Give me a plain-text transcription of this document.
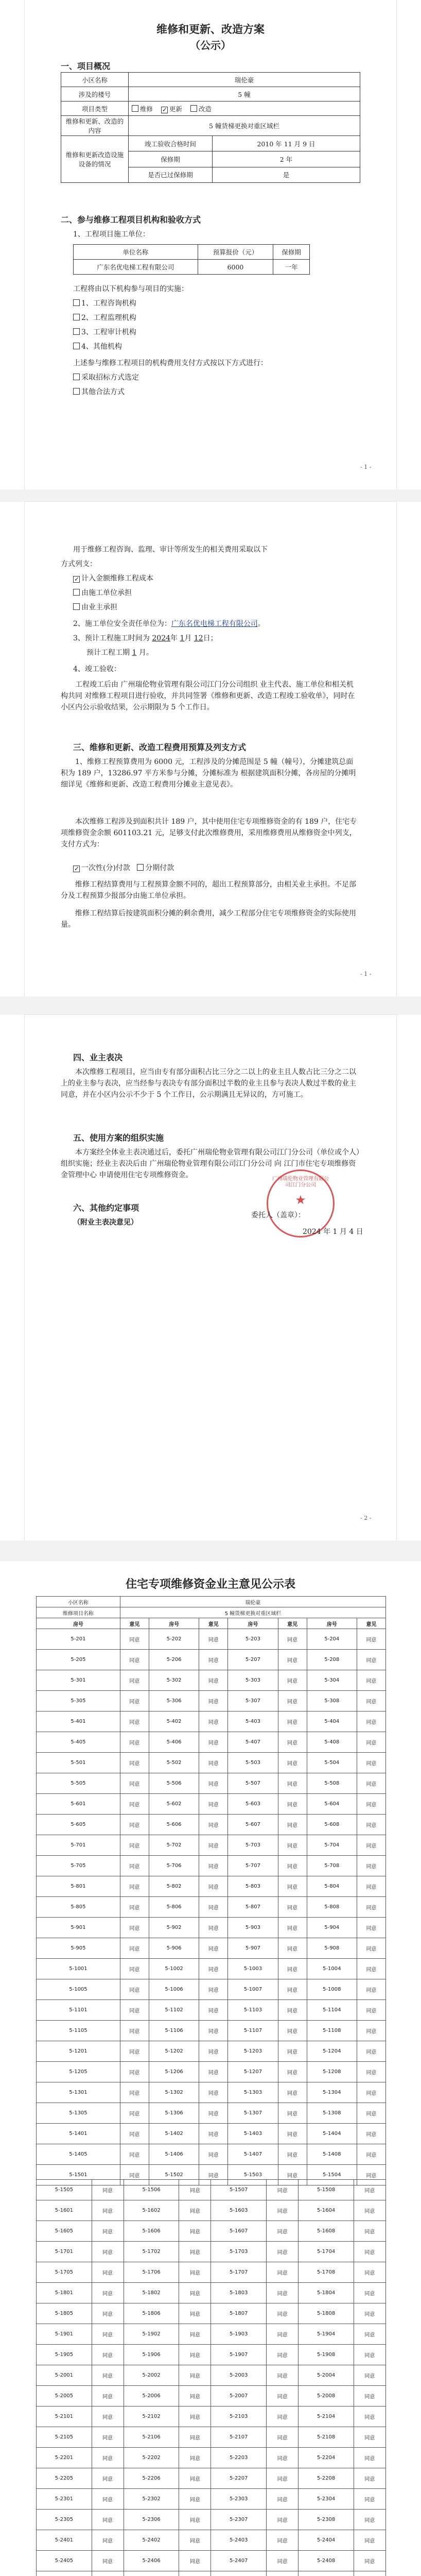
维修和更新、改造方案
（公示）
一、项目概况
小区名称	瑞伦豪	
涉及的楼号	5 幢	
项目类型	维修 ✓ 更新 改造
维修和更新、改造的内容	5 幢货梯更换对重区域栏	
维修和更新改造设施设备的情况	竣工验收合格时间	2010 年 11 月 9 日
	保修期	2 年
	是否已过保修期	是
二、参与维修工程项目机构和验收方式
1、工程项目施工单位：
单位名称	预算报价（元）	保修期
广东名优电梯工程有限公司	6000	一年
工程将由以下机构参与项目的实施：
1、工程咨询机构
2、工程监理机构
3、工程审计机构
4、其他机构
上述参与维修工程项目的机构费用支付方式按以下方式进行：
采取招标方式选定
其他合法方式
- 1 -
用于维修工程咨询、监理、审计等所发生的相关费用采取以下
方式列支：
✓计入金额维修工程成本
由施工单位承担
由业主承担
2、施工单位安全责任单位为：广东名优电梯工程有限公司。
3、预计工程施工时间为 2024年 1月 12日；
预计工程工期 1 月。
4、竣工验收：
工程竣工后由 广州瑞伦物业管理有限公司江门分公司组织 业主代表、施工单位和相关机构共同 对维修工程项目进行验收，并共同签署《维修和更新、改造工程竣工验收单》，同时在小区内公示验收结果，公示期限为 5 个工作日。
三、维修和更新、改造工程费用预算及列支方式
1、维修工程预算费用为 6000 元，工程涉及的分摊范围是 5 幢（幢号），分摊建筑总面积为 189 户，13286.97 平方米参与分摊，分摊标准为 根据建筑面积分摊，各房屋的分摊明细详见《维修和更新、改造工程费用分摊业主意见表》。
本次维修工程涉及到面积共计 189 户，其中使用住宅专项维修资金的有 189 户，住宅专项维修资金余额 601103.21 元，足够支付此次维修费用，采用维修费用从维修资金中列支，支付方式为：
✓一次性(分)付款 分期付款
维修工程结算费用与工程预算金额不同的，超出工程预算部分，由相关业主承担。不足部分及工程预算少报部分由施工单位承担。
维修工程结算后按建筑面积分摊的剩余费用，减少工程部分住宅专项维修资金的实际使用量。
- 1 -
四、业主表决
本次维修工程项目，应当由专有部分面积占比三分之二以上的业主且人数占比三分之二以上的业主参与表决，应当经参与表决专有部分面积过半数的业主且参与表决人数过半数的业主同意，并在小区内公示不少于 5 个工作日，公示期满且无异议的，方可施工。
五、使用方案的组织实施
本方案经全体业主表决通过后，委托广州瑞伦物业管理有限公司江门分公司（单位或个人）组织实施；经业主表决后由 广州瑞伦物业管理有限公司江门分公司 向 江门市住宅专项维修资金管理中心 申请使用住宅专项维修资金。
六、其他约定事项
（附业主表决意见）
广州瑞伦物业管理有限公司江门分公司
★
委托人（盖章）：
2024 年 1 月 4 日
- 2 -
住宅专项维修资金业主意见公示表
小区名称	瑞伦豪						
维修项目名称	5 幢货梯更换对重区域栏						
房号	意见	房号	意见	房号	意见	房号	意见
5-201	同意	5-202	同意	5-203	同意	5-204	同意
5-205	同意	5-206	同意	5-207	同意	5-208	同意
5-301	同意	5-302	同意	5-303	同意	5-304	同意
5-305	同意	5-306	同意	5-307	同意	5-308	同意
5-401	同意	5-402	同意	5-403	同意	5-404	同意
5-405	同意	5-406	同意	5-407	同意	5-408	同意
5-501	同意	5-502	同意	5-503	同意	5-504	同意
5-505	同意	5-506	同意	5-507	同意	5-508	同意
5-601	同意	5-602	同意	5-603	同意	5-604	同意
5-605	同意	5-606	同意	5-607	同意	5-608	同意
5-701	同意	5-702	同意	5-703	同意	5-704	同意
5-705	同意	5-706	同意	5-707	同意	5-708	同意
5-801	同意	5-802	同意	5-803	同意	5-804	同意
5-805	同意	5-806	同意	5-807	同意	5-808	同意
5-901	同意	5-902	同意	5-903	同意	5-904	同意
5-905	同意	5-906	同意	5-907	同意	5-908	同意
5-1001	同意	5-1002	同意	5-1003	同意	5-1004	同意
5-1005	同意	5-1006	同意	5-1007	同意	5-1008	同意
5-1101	同意	5-1102	同意	5-1103	同意	5-1104	同意
5-1105	同意	5-1106	同意	5-1107	同意	5-1108	同意
5-1201	同意	5-1202	同意	5-1203	同意	5-1204	同意
5-1205	同意	5-1206	同意	5-1207	同意	5-1208	同意
5-1301	同意	5-1302	同意	5-1303	同意	5-1304	同意
5-1305	同意	5-1306	同意	5-1307	同意	5-1308	同意
5-1401	同意	5-1402	同意	5-1403	同意	5-1404	同意
5-1405	同意	5-1406	同意	5-1407	同意	5-1408	同意
5-1501	同意	5-1502	同意	5-1503	同意	5-1504	同意
5-1505	同意	5-1506	同意	5-1507	同意	5-1508	同意
5-1601	同意	5-1602	同意	5-1603	同意	5-1604	同意
5-1605	同意	5-1606	同意	5-1607	同意	5-1608	同意
5-1701	同意	5-1702	同意	5-1703	同意	5-1704	同意
5-1705	同意	5-1706	同意	5-1707	同意	5-1708	同意
5-1801	同意	5-1802	同意	5-1803	同意	5-1804	同意
5-1805	同意	5-1806	同意	5-1807	同意	5-1808	同意
5-1901	同意	5-1902	同意	5-1903	同意	5-1904	同意
5-1905	同意	5-1906	同意	5-1907	同意	5-1908	同意
5-2001	同意	5-2002	同意	5-2003	同意	5-2004	同意
5-2005	同意	5-2006	同意	5-2007	同意	5-2008	同意
5-2101	同意	5-2102	同意	5-2103	同意	5-2104	同意
5-2105	同意	5-2106	同意	5-2107	同意	5-2108	同意
5-2201	同意	5-2202	同意	5-2203	同意	5-2204	同意
5-2205	同意	5-2206	同意	5-2207	同意	5-2208	同意
5-2301	同意	5-2302	同意	5-2303	同意	5-2304	同意
5-2305	同意	5-2306	同意	5-2307	同意	5-2308	同意
5-2401	同意	5-2402	同意	5-2403	同意	5-2404	同意
5-2405	同意	5-2406	同意	5-2407	同意	5-2408	同意
